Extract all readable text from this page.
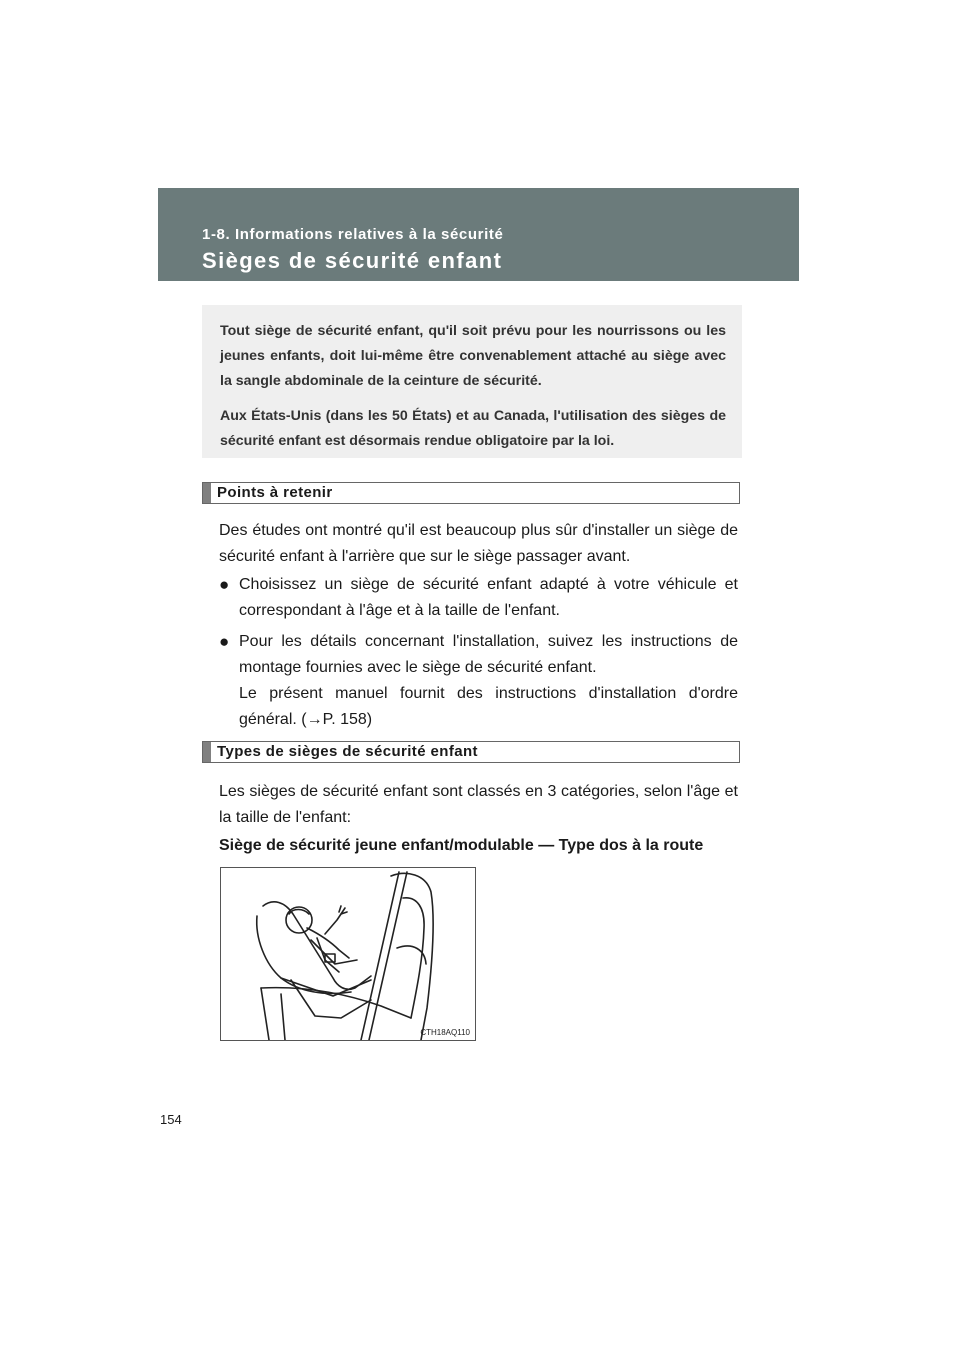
1-8. Informations relatives à la sécurité
Sièges de sécurité enfant

Tout siège de sécurité enfant, qu'il soit prévu pour les nourrissons ou les jeunes enfants, doit lui-même être convenablement attaché au siège avec la sangle abdominale de la ceinture de sécurité.

Aux États-Unis (dans les 50 États) et au Canada, l'utilisation des sièges de sécurité enfant est désormais rendue obligatoire par la loi.

Points à retenir

Des études ont montré qu'il est beaucoup plus sûr d'installer un siège de sécurité enfant à l'arrière que sur le siège passager avant.

● Choisissez un siège de sécurité enfant adapté à votre véhicule et correspondant à l'âge et à la taille de l'enfant.

● Pour les détails concernant l'installation, suivez les instructions de montage fournies avec le siège de sécurité enfant.

Le présent manuel fournit des instructions d'installation d'ordre général. (→P. 158)

Types de sièges de sécurité enfant

Les sièges de sécurité enfant sont classés en 3 catégories, selon l'âge et la taille de l'enfant:

Siège de sécurité jeune enfant/modulable — Type dos à la route
CTH18AQ110
154
